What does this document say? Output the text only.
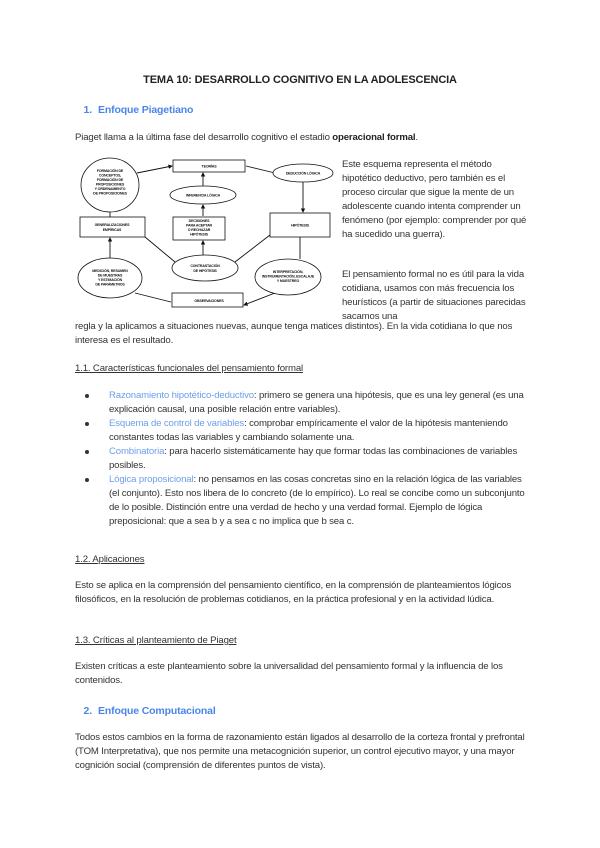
TEMA 10: DESARROLLO COGNITIVO EN LA ADOLESCENCIA
1. Enfoque Piagetiano
Piaget llama a la última fase del desarrollo cognitivo el estadio operacional formal.
TEORÍAS
DEDUCCIÓN LÓGICA
INFERENCIA LÓGICA
HIPÓTESIS
OBSERVACIONES
FORMACIÓN DE
CONCEPTOS,
FORMACIÓN DE
PROPOSICIONES
Y ORDENAMIENTO
DE PROPOSICIONES
GENERALIZACIONES
EMPÍRICAS
DECISIONES
PARA ACEPTAR
O RECHAZAR
HIPÓTESIS
CONTRASTACIÓN
DE HIPÓTESIS
MEDICIÓN, RESUMEN
DE MUESTRAS
Y ESTIMACIÓN
DE PARÁMETROS
INTERPRETACIÓN,
INSTRUMENTACIÓN, ESCALAJE
Y MUESTREO
Este esquema representa el método hipotético deductivo, pero también es el proceso circular que sigue la mente de un adolescente cuando intenta comprender un fenómeno (por ejemplo: comprender por qué ha sucedido una guerra).
El pensamiento formal no es útil para la vida cotidiana, usamos con más frecuencia los heurísticos (a partir de situaciones parecidas sacamos una
regla y la aplicamos a situaciones nuevas, aunque tenga matices distintos). En la vida cotidiana lo que nos interesa es el resultado.
1.1. Características funcionales del pensamiento formal
Razonamiento hipotético-deductivo: primero se genera una hipótesis, que es una ley general (es una explicación causal, una posible relación entre variables).
Esquema de control de variables: comprobar empíricamente el valor de la hipótesis manteniendo constantes todas las variables y cambiando solamente una.
Combinatoria: para hacerlo sistemáticamente hay que formar todas las combinaciones de variables posibles.
Lógica proposicional: no pensamos en las cosas concretas sino en la relación lógica de las variables (el conjunto). Esto nos libera de lo concreto (de lo empírico). Lo real se concibe como un subconjunto de lo posible. Distinción entre una verdad de hecho y una verdad formal. Ejemplo de lógica preposicional: que a sea b y a sea c no implica que b sea c.
1.2. Aplicaciones
Esto se aplica en la comprensión del pensamiento científico, en la comprensión de planteamientos lógicos filosóficos, en la resolución de problemas cotidianos, en la práctica profesional y en la actividad lúdica.
1.3. Críticas al planteamiento de Piaget
Existen críticas a este planteamiento sobre la universalidad del pensamiento formal y la influencia de los contenidos.
2. Enfoque Computacional
Todos estos cambios en la forma de razonamiento están ligados al desarrollo de la corteza frontal y prefrontal (TOM Interpretativa), que nos permite una metacognición superior, un control ejecutivo mayor, y una mayor cognición social (comprensión de diferentes puntos de vista).
